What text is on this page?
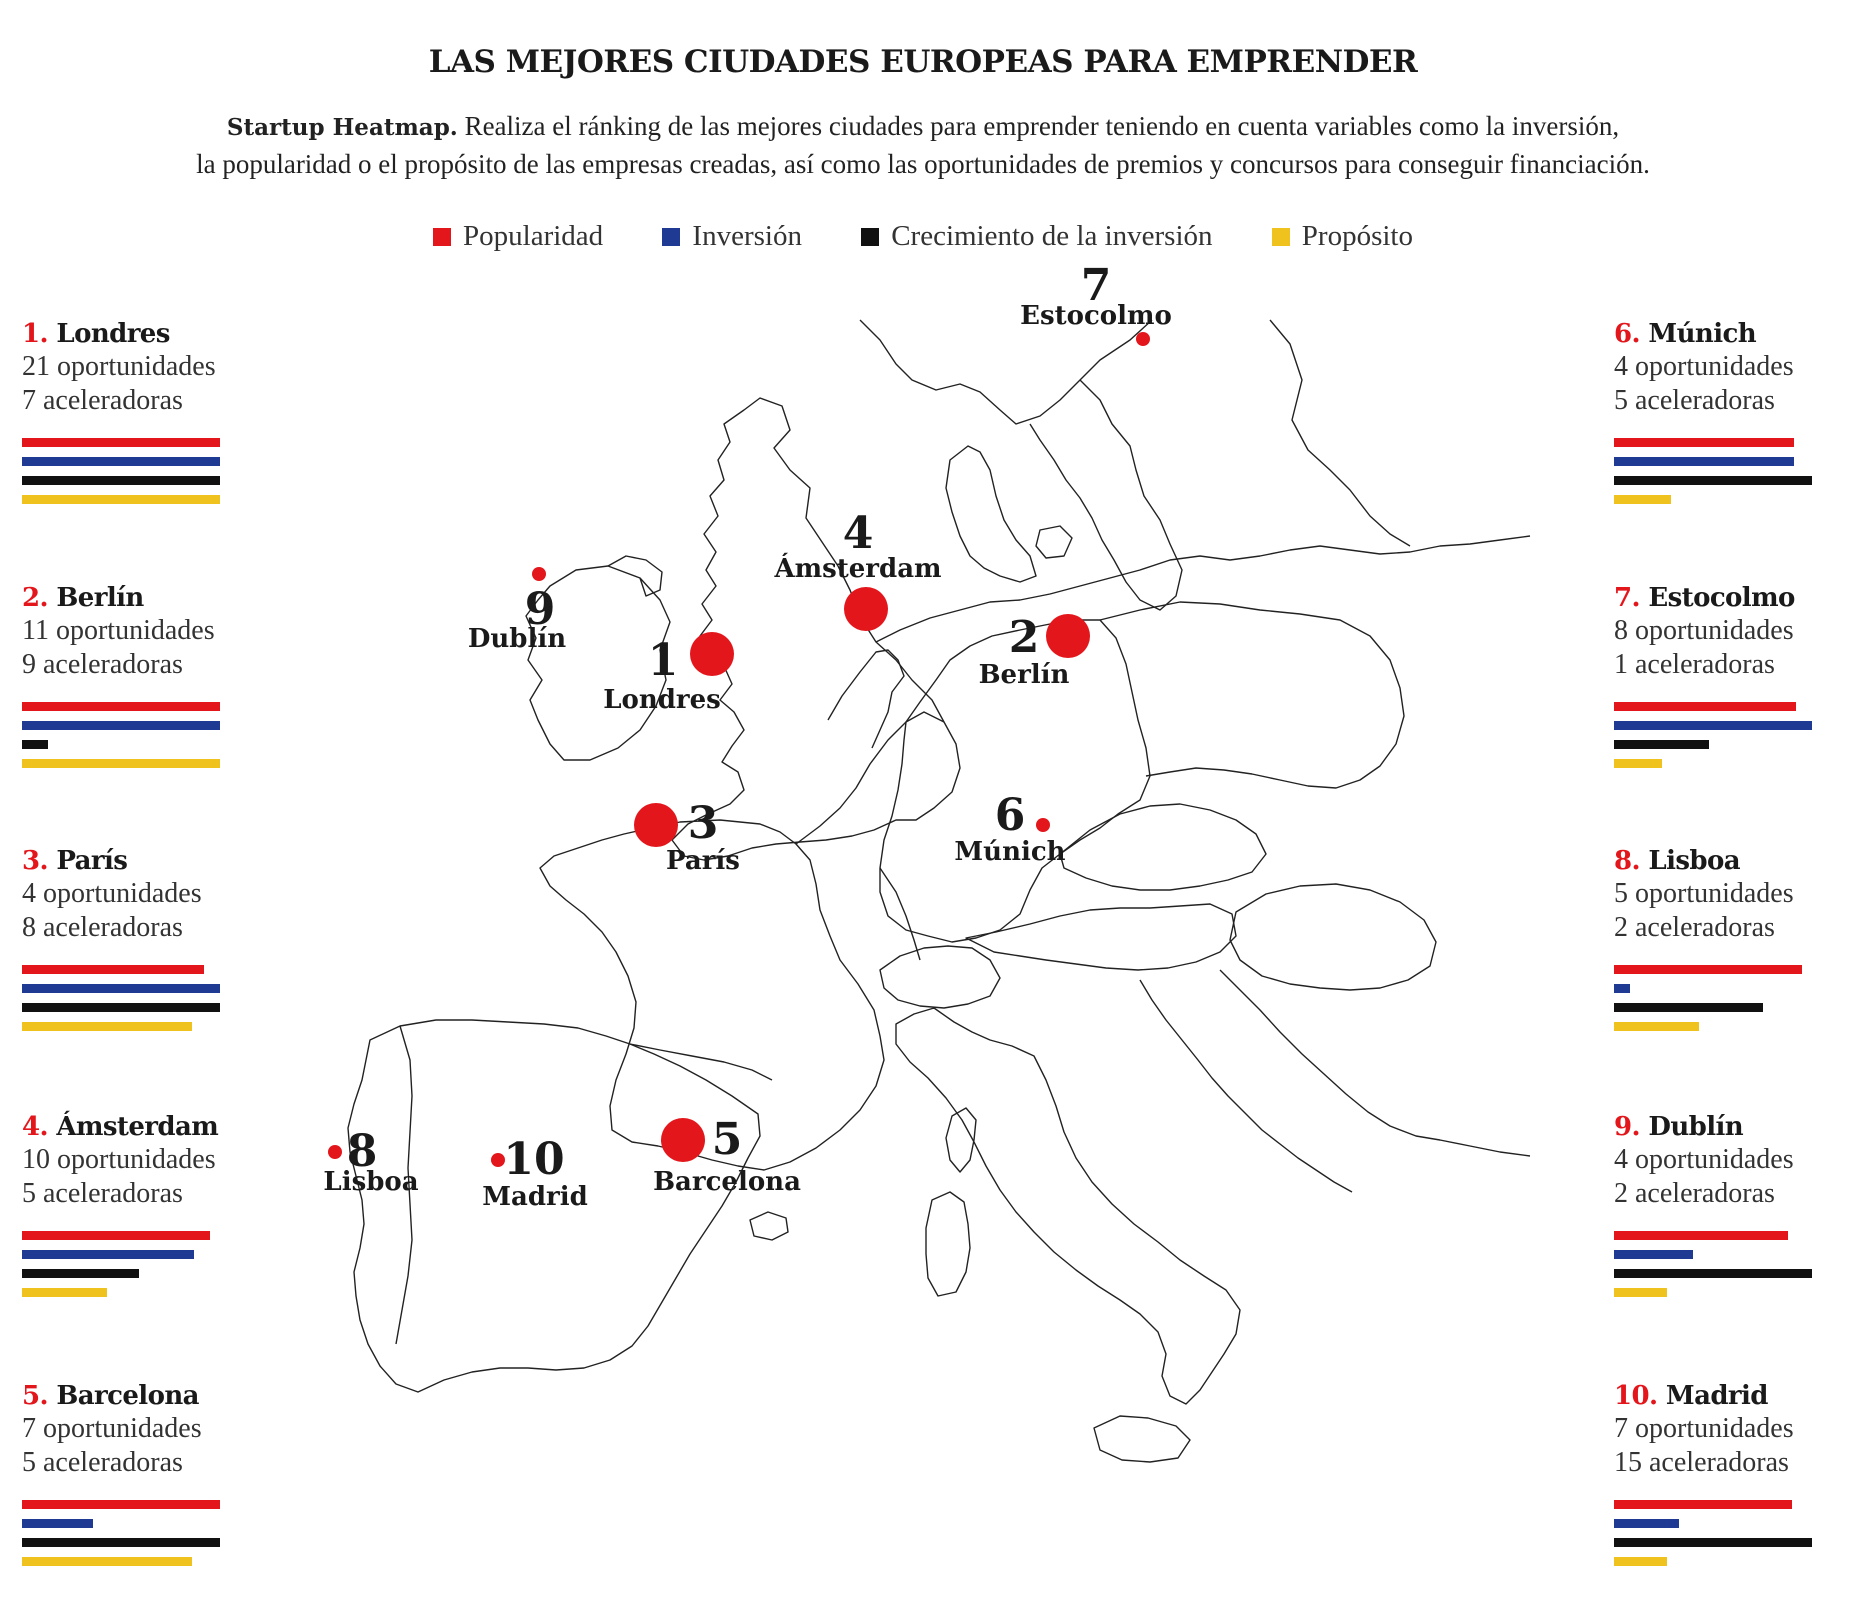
LAS MEJORES CIUDADES EUROPEAS PARA EMPRENDER
Startup Heatmap. Realiza el ránking de las mejores ciudades para emprender teniendo en cuenta variables como la inversión,
la popularidad o el propósito de las empresas creadas, así como las oportunidades de premios y concursos para conseguir financiación.
Popularidad	Inversión	Crecimiento de la inversión	Propósito
1. Londres
21 oportunidades
7 aceleradoras
2. Berlín
11 oportunidades
9 aceleradoras
3. París
4 oportunidades
8 aceleradoras
4. Ámsterdam
10 oportunidades
5 aceleradoras
5. Barcelona
7 oportunidades
5 aceleradoras
6. Múnich
4 oportunidades
5 aceleradoras
7. Estocolmo
8 oportunidades
1 aceleradoras
8. Lisboa
5 oportunidades
2 aceleradoras
9. Dublín
4 oportunidades
2 aceleradoras
10. Madrid
7 oportunidades
15 aceleradoras
1
Londres
2
Berlín
3
París
4
Ámsterdam
5
Barcelona
6
Múnich
7
Estocolmo
8
Lisboa
9
Dublín
10
Madrid
